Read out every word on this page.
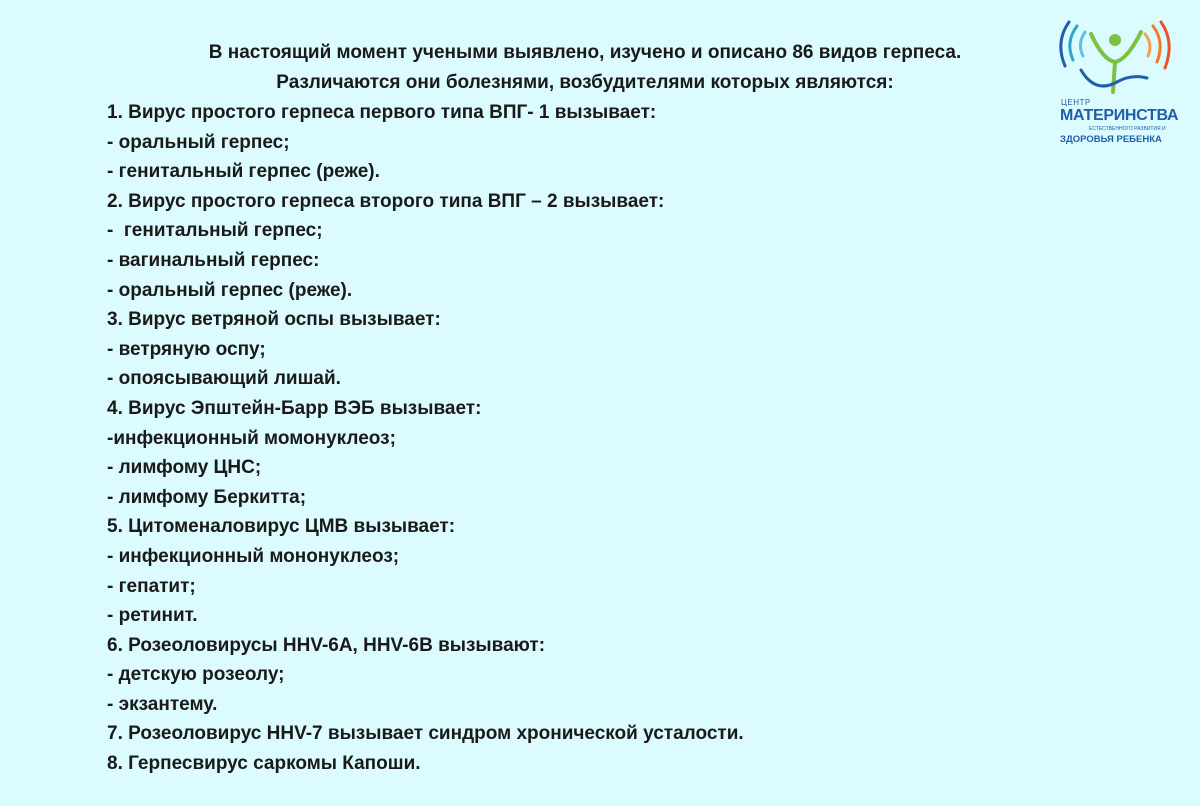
В настоящий момент учеными выявлено, изучено и описано 86 видов герпеса.
Различаются они болезнями, возбудителями которых являются:
1. Вирус простого герпеса первого типа ВПГ- 1 вызывает:
- оральный герпес;
- генитальный герпес (реже).
2. Вирус простого герпеса второго типа ВПГ – 2 вызывает:
-  генитальный герпес;
- вагинальный герпес:
- оральный герпес (реже).
3. Вирус ветряной оспы вызывает:
- ветряную оспу;
- опоясывающий лишай.
4. Вирус Эпштейн-Барр ВЭБ вызывает:
-инфекционный момонуклеоз;
- лимфому ЦНС;
- лимфому Беркитта;
5. Цитоменаловирус ЦМВ вызывает:
- инфекционный мононуклеоз;
- гепатит;
- ретинит.
6. Розеоловирусы HHV-6A, HHV-6B вызывают:
- детскую розеолу;
- экзантему.
7. Розеоловирус HHV-7 вызывает синдром хронической усталости.
8. Герпесвирус саркомы Капоши.
ЦЕНТР
МАТЕРИНСТВА
ЕСТЕСТВЕННОГО РАЗВИТИЯ И
ЗДОРОВЬЯ РЕБЕНКА
